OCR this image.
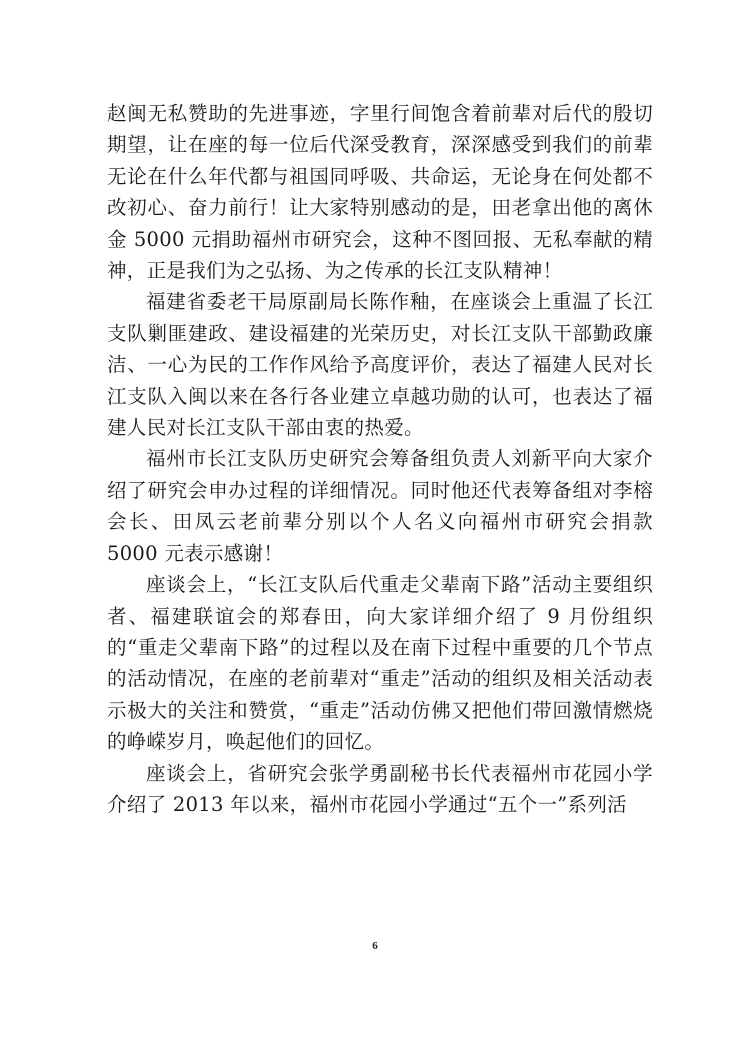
赵闽无私赞助的先进事迹，字里行间饱含着前辈对后代的殷切期望，让在座的每一位后代深受教育，深深感受到我们的前辈无论在什么年代都与祖国同呼吸、共命运，无论身在何处都不改初心、奋力前行！让大家特别感动的是，田老拿出他的离休金 5000 元捐助福州市研究会，这种不图回报、无私奉献的精神，正是我们为之弘扬、为之传承的长江支队精神！

福建省委老干局原副局长陈作釉，在座谈会上重温了长江支队剿匪建政、建设福建的光荣历史，对长江支队干部勤政廉洁、一心为民的工作作风给予高度评价，表达了福建人民对长江支队入闽以来在各行各业建立卓越功勋的认可，也表达了福建人民对长江支队干部由衷的热爱。

福州市长江支队历史研究会筹备组负责人刘新平向大家介绍了研究会申办过程的详细情况。同时他还代表筹备组对李榕会长、田凤云老前辈分别以个人名义向福州市研究会捐款 5000 元表示感谢！

座谈会上，“长江支队后代重走父辈南下路”活动主要组织者、福建联谊会的郑春田，向大家详细介绍了 9 月份组织的“重走父辈南下路”的过程以及在南下过程中重要的几个节点的活动情况，在座的老前辈对“重走”活动的组织及相关活动表示极大的关注和赞赏，“重走”活动仿佛又把他们带回激情燃烧的峥嵘岁月，唤起他们的回忆。

座谈会上，省研究会张学勇副秘书长代表福州市花园小学介绍了 2013 年以来，福州市花园小学通过“五个一”系列活

6
